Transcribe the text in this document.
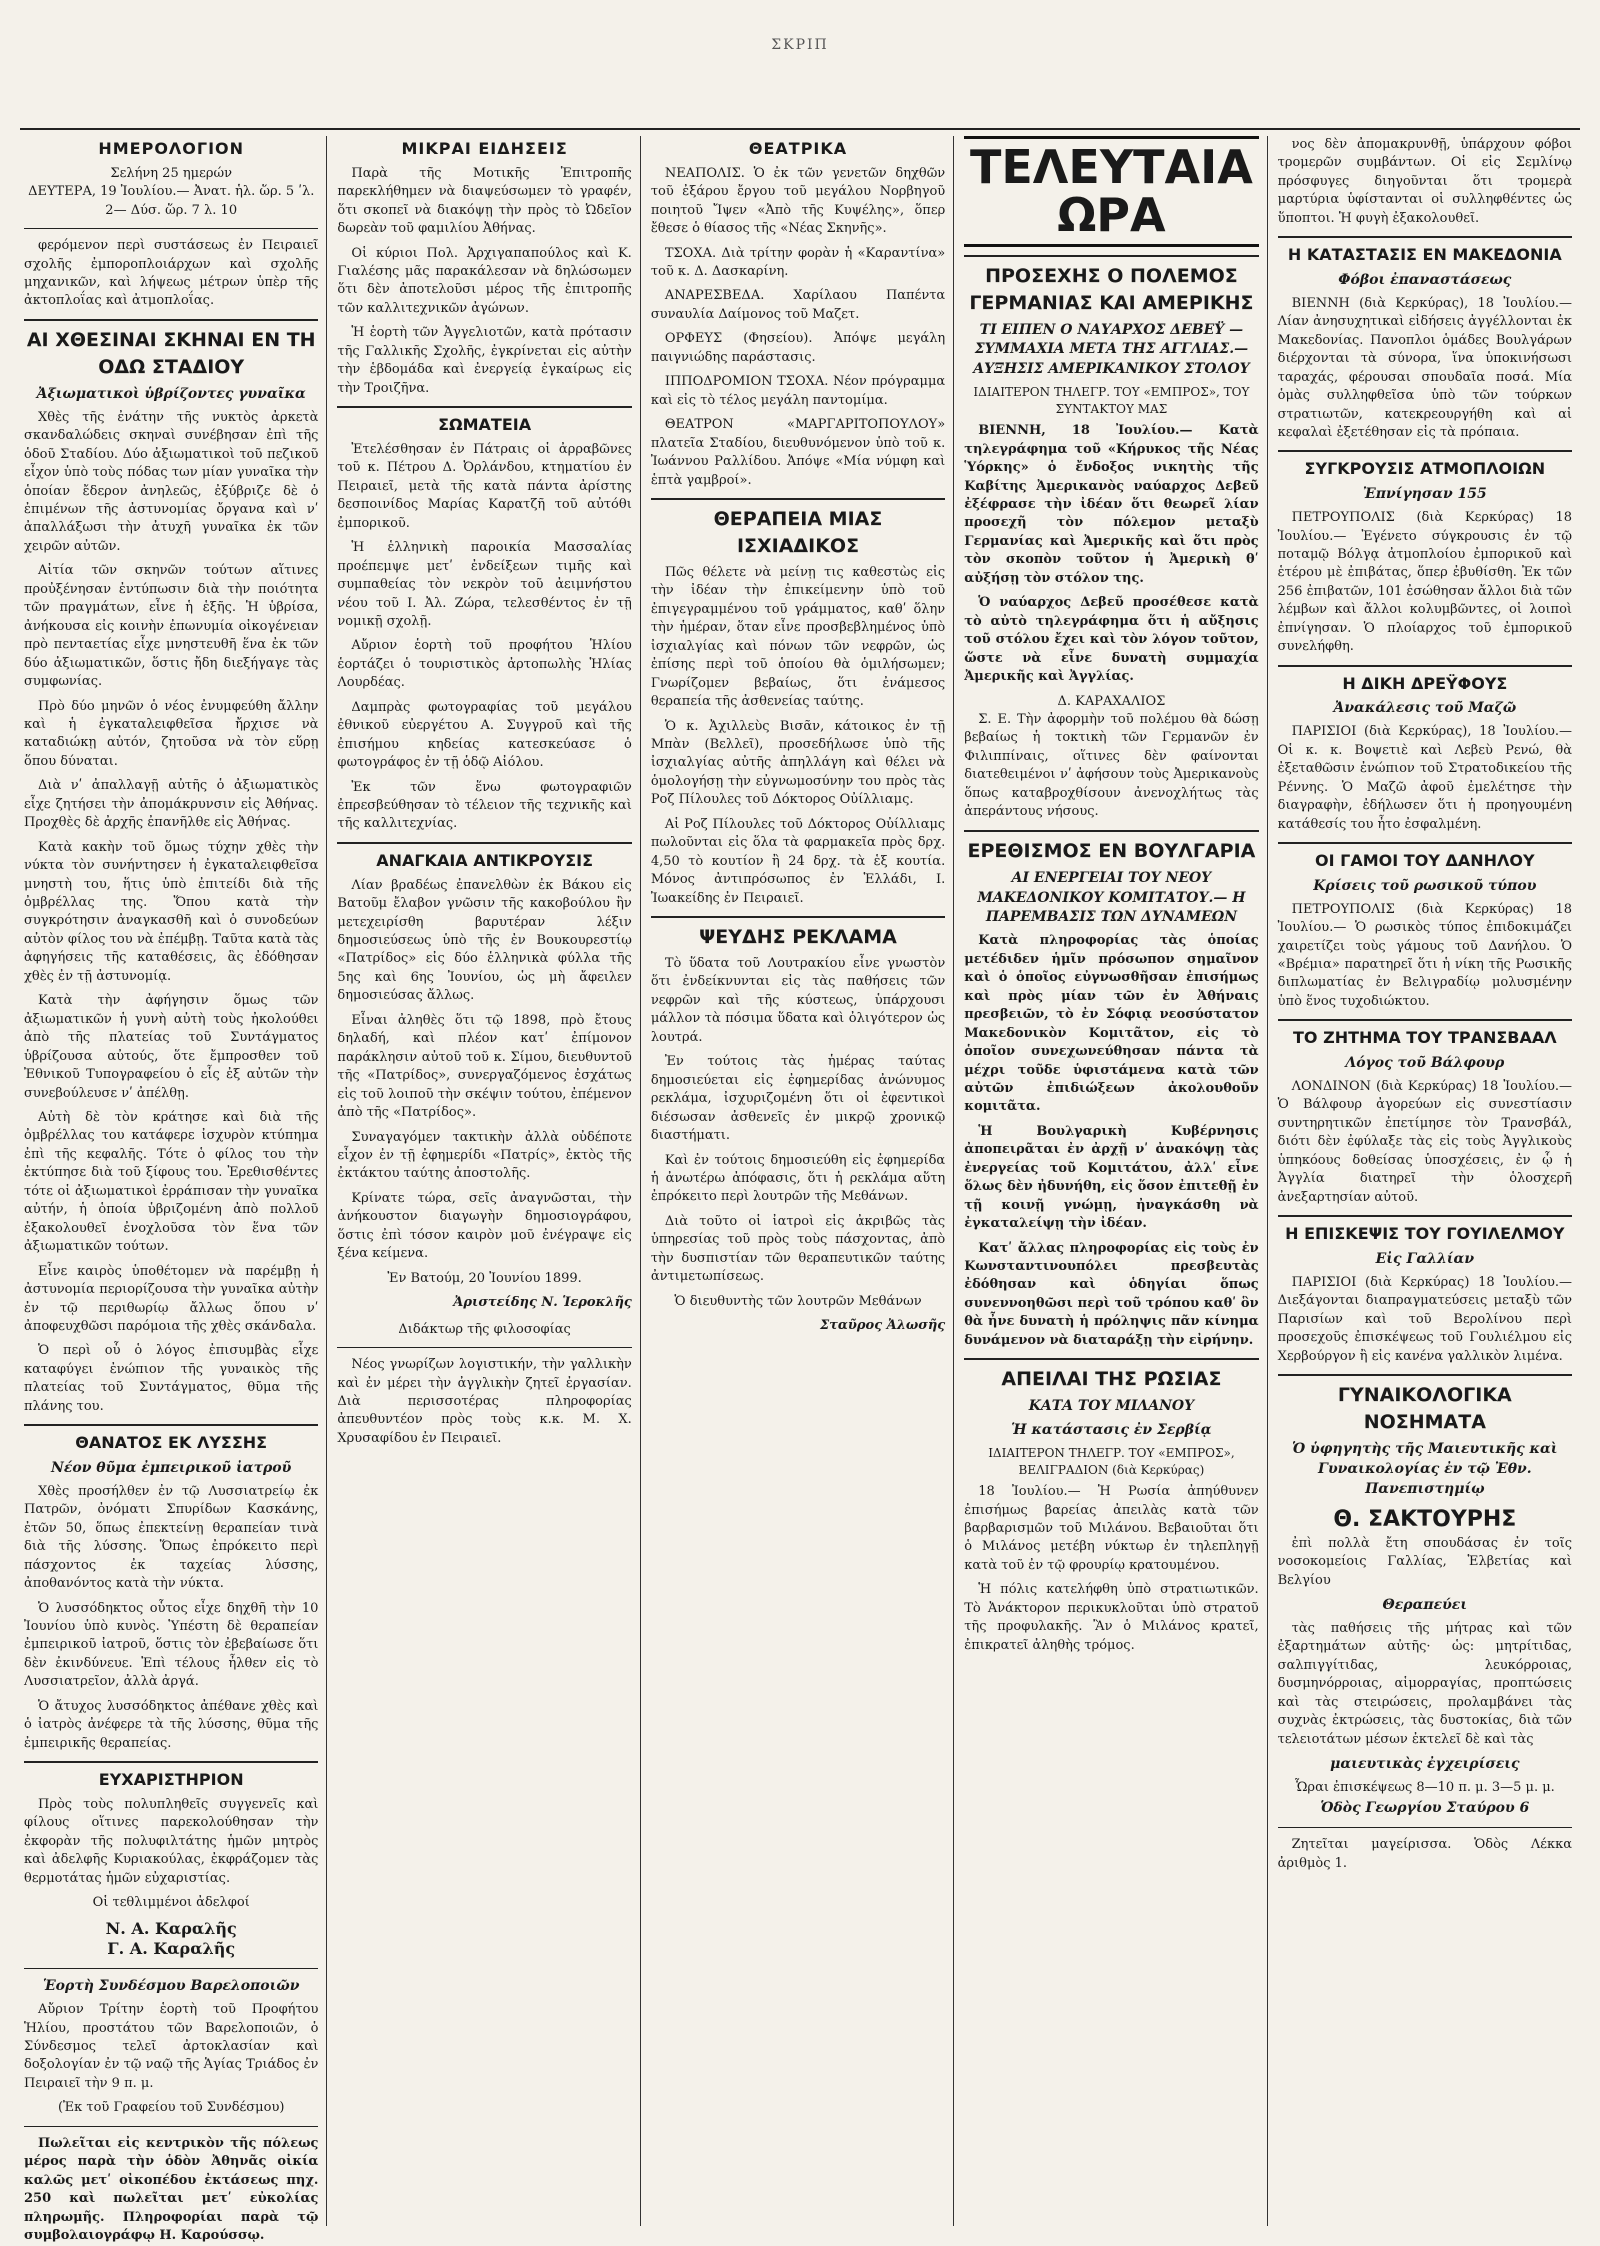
ΣΚΡΙΠ
ΗΜΕΡΟΛΟΓΙΟΝ
Σελήνη 25 ημερών
ΔΕΥΤΕΡΑ, 19 Ἰουλίου.— Ἀνατ. ἡλ. ὥρ. 5 ʹλ. 2— Δύσ. ὥρ. 7 λ. 10

φερόμενον περὶ συστάσεως ἐν Πειραιεῖ σχολῆς ἐμποροπλοιάρχων καὶ σχολῆς μηχανικῶν, καὶ λήψεως μέτρων ὑπὲρ τῆς ἀκτοπλοΐας καὶ ἀτμοπλοΐας.

ΑΙ ΧΘΕΣΙΝΑΙ ΣΚΗΝΑΙ ΕΝ ΤΗ ΟΔΩ ΣΤΑΔΙΟΥ
Ἀξιωματικοὶ ὑβρίζοντες γυναῖκα

Χθὲς τῆς ἐνάτην τῆς νυκτὸς ἀρκετὰ σκανδαλώδεις σκηναὶ συνέβησαν ἐπὶ τῆς ὁδοῦ Σταδίου. Δύο ἀξιωματικοὶ τοῦ πεζικοῦ εἶχον ὑπὸ τοὺς πόδας των μίαν γυναῖκα τὴν ὁποίαν ἔδερον ἀνηλεῶς, ἐξύβριζε δὲ ὁ ἐπιμένων τῆς ἀστυνομίας ὄργανα καὶ νʹ ἀπαλλάξωσι τὴν ἀτυχῆ γυναῖκα ἐκ τῶν χειρῶν αὐτῶν.

Αἰτία τῶν σκηνῶν τούτων αἵτινες προὐξένησαν ἐντύπωσιν διὰ τὴν ποιότητα τῶν πραγμάτων, εἶνε ἡ ἑξῆς. Ἡ ὑβρίσα, ἀνήκουσα εἰς κοινὴν ἐπωνυμία οἰκογένειαν πρὸ πενταετίας εἶχε μνηστευθῆ ἕνα ἐκ τῶν δύο ἀξιωματικῶν, ὅστις ἤδη διεξήγαγε τὰς συμφωνίας.

Πρὸ δύο μηνῶν ὁ νέος ἐνυμφεύθη ἄλλην καὶ ἡ ἐγκαταλειφθεῖσα ἤρχισε νὰ καταδιώκῃ αὐτόν, ζητοῦσα νὰ τὸν εὕρῃ ὅπου δύναται.

Διὰ νʹ ἀπαλλαγῇ αὐτῆς ὁ ἀξιωματικὸς εἶχε ζητήσει τὴν ἀπομάκρυνσιν εἰς Ἀθήνας. Προχθὲς δὲ ἀρχῆς ἐπανῆλθε εἰς Ἀθήνας.

Κατὰ κακὴν τοῦ ὅμως τύχην χθὲς τὴν νύκτα τὸν συνήντησεν ἡ ἐγκαταλειφθεῖσα μνηστὴ του, ἥτις ὑπὸ ἐπιτείδι διὰ τῆς ὀμβρέλλας της. Ὅπου κατὰ τὴν συγκρότησιν ἀναγκασθῆ καὶ ὁ συνοδεύων αὐτὸν φίλος του νὰ ἐπέμβῃ. Ταῦτα κατὰ τὰς ἀφηγήσεις τῆς καταθέσεις, ἃς ἐδόθησαν χθὲς ἐν τῇ ἀστυνομίᾳ.

Κατὰ τὴν ἀφήγησιν ὅμως τῶν ἀξιωματικῶν ἡ γυνὴ αὐτὴ τοὺς ἠκολούθει ἀπὸ τῆς πλατείας τοῦ Συντάγματος ὑβρίζουσα αὐτούς, ὅτε ἔμπροσθεν τοῦ Ἐθνικοῦ Τυπογραφείου ὁ εἷς ἐξ αὐτῶν τὴν συνεβούλευσε νʹ ἀπέλθῃ.

Αὐτὴ δὲ τὸν κράτησε καὶ διὰ τῆς ὀμβρέλλας του κατάφερε ἰσχυρὸν κτύπημα ἐπὶ τῆς κεφαλῆς. Τότε ὁ φίλος του τὴν ἐκτύπησε διὰ τοῦ ξίφους του. Ἐρεθισθέντες τότε οἱ ἀξιωματικοὶ ἐρράπισαν τὴν γυναῖκα αὐτήν, ἡ ὁποία ὑβριζομένη ἀπὸ πολλοῦ ἐξακολουθεῖ ἐνοχλοῦσα τὸν ἕνα τῶν ἀξιωματικῶν τούτων.

Εἶνε καιρὸς ὑποθέτομεν νὰ παρέμβῃ ἡ ἀστυνομία περιορίζουσα τὴν γυναῖκα αὐτὴν ἐν τῷ περιθωρίῳ ἄλλως ὅπου νʹ ἀποφευχθῶσι παρόμοια τῆς χθὲς σκάνδαλα.

Ὁ περὶ οὗ ὁ λόγος ἐπισυμβὰς εἶχε καταφύγει ἐνώπιον τῆς γυναικὸς τῆς πλατείας τοῦ Συντάγματος, θῦμα τῆς πλάνης του.

ΘΑΝΑΤΟΣ ΕΚ ΛΥΣΣΗΣ
Νέον θῦμα ἐμπειρικοῦ ἰατροῦ

Χθὲς προσήλθεν ἐν τῷ Λυσσιατρείῳ ἐκ Πατρῶν, ὀνόματι Σπυρίδων Κασκάνης, ἐτῶν 50, ὅπως ἐπεκτείνῃ θεραπείαν τινὰ διὰ τῆς λύσσης. Ὅπως ἐπρόκειτο περὶ πάσχοντος ἐκ ταχείας λύσσης, ἀποθανόντος κατὰ τὴν νύκτα.

Ὁ λυσσόδηκτος οὗτος εἶχε δηχθῆ τὴν 10 Ἰουνίου ὑπὸ κυνὸς. Ὑπέστη δὲ θεραπείαν ἐμπειρικοῦ ἰατροῦ, ὅστις τὸν ἐβεβαίωσε ὅτι δὲν ἐκινδύνευε. Ἐπὶ τέλους ἦλθεν εἰς τὸ Λυσσιατρεῖον, ἀλλὰ ἀργά.

Ὁ ἄτυχος λυσσόδηκτος ἀπέθανε χθὲς καὶ ὁ ἰατρὸς ἀνέφερε τὰ τῆς λύσσης, θῦμα τῆς ἐμπειρικῆς θεραπείας.

ΕΥΧΑΡΙΣΤΗΡΙΟΝ

Πρὸς τοὺς πολυπληθεῖς συγγενεῖς καὶ φίλους οἵτινες παρεκολούθησαν τὴν ἐκφορὰν τῆς πολυφιλτάτης ἡμῶν μητρὸς καὶ ἀδελφῆς Κυριακούλας, ἐκφράζομεν τὰς θερμοτάτας ἡμῶν εὐχαριστίας.

Οἱ τεθλιμμένοι ἀδελφοί

Ν. Α. Καραλῆς
Γ. Α. Καραλῆς
Ἑορτὴ Συνδέσμου Βαρελοποιῶν

Αὔριον Τρίτην ἑορτὴ τοῦ Προφήτου Ἡλίου, προστάτου τῶν Βαρελοποιῶν, ὁ Σύνδεσμος τελεῖ ἀρτοκλασίαν καὶ δοξολογίαν ἐν τῷ ναῷ τῆς Ἁγίας Τριάδος ἐν Πειραιεῖ τὴν 9 π. μ.

(Ἐκ τοῦ Γραφείου τοῦ Συνδέσμου)

Πωλεῖται εἰς κεντρικὸν τῆς πόλεως μέρος παρὰ τὴν ὁδὸν Ἀθηνᾶς οἰκία καλῶς μετʹ οἰκοπέδου ἐκτάσεως πηχ. 250 καὶ πωλεῖται μετʹ εὐκολίας πληρωμῆς. Πληροφορίαι παρὰ τῷ συμβολαιογράφῳ Η. Καρούσσῳ.

ΜΙΚΡΑΙ ΕΙΔΗΣΕΙΣ

Παρὰ τῆς Μοτικῆς Ἐπιτροπῆς παρεκλήθημεν νὰ διαψεύσωμεν τὸ γραφέν, ὅτι σκοπεῖ νὰ διακόψῃ τὴν πρὸς τὸ Ὠδεῖον δωρεὰν τοῦ φαμιλίου Ἀθήνας.

Οἱ κύριοι Πολ. Ἀρχιγαπαπούλος καὶ Κ. Γιαλέσης μᾶς παρακάλεσαν νὰ δηλώσωμεν ὅτι δὲν ἀποτελοῦσι μέρος τῆς ἐπιτροπῆς τῶν καλλιτεχνικῶν ἀγώνων.

Ἡ ἑορτὴ τῶν Ἀγγελιοτῶν, κατὰ πρότασιν τῆς Γαλλικῆς Σχολῆς, ἐγκρίνεται εἰς αὐτὴν τὴν ἑβδομάδα καὶ ἐνεργείᾳ ἐγκαίρως εἰς τὴν Τροιζῆνα.

ΣΩΜΑΤΕΙΑ

Ἐτελέσθησαν ἐν Πάτραις οἱ ἀρραβῶνες τοῦ κ. Πέτρου Δ. Ὀρλάνδου, κτηματίου ἐν Πειραιεῖ, μετὰ τῆς κατὰ πάντα ἀρίστης δεσποινίδος Μαρίας Καρατζῆ τοῦ αὐτόθι ἐμπορικοῦ.

Ἡ ἑλληνικὴ παροικία Μασσαλίας προέπεμψε μετʹ ἐνδείξεων τιμῆς καὶ συμπαθείας τὸν νεκρὸν τοῦ ἀειμνήστου νέου τοῦ Ι. Ἀλ. Ζώρα, τελεσθέντος ἐν τῇ νομικῇ σχολῇ.

Αὔριον ἑορτὴ τοῦ προφήτου Ἡλίου ἑορτάζει ὁ τουριστικὸς ἀρτοπωλὴς Ἡλίας Λουρδέας.

Δαμπρὰς φωτογραφίας τοῦ μεγάλου ἐθνικοῦ εὐεργέτου Α. Συγγροῦ καὶ τῆς ἐπισήμου κηδείας κατεσκεύασε ὁ φωτογράφος ἐν τῇ ὁδῷ Αἰόλου.

Ἐκ τῶν ἕνω φωτογραφιῶν ἐπρεσβεύθησαν τὸ τέλειον τῆς τεχνικῆς καὶ τῆς καλλιτεχνίας.

ΑΝΑΓΚΑΙΑ ΑΝΤΙΚΡΟΥΣΙΣ

Λίαν βραδέως ἐπανελθὼν ἐκ Βάκου εἰς Βατοῦμ ἔλαβον γνῶσιν τῆς κακοβούλου ἣν μετεχειρίσθη βαρυτέραν λέξιν δημοσιεύσεως ὑπὸ τῆς ἐν Βουκουρεστίῳ «Πατρίδος» εἰς δύο ἑλληνικὰ φύλλα τῆς 5ης καὶ 6ης Ἰουνίου, ὡς μὴ ἄφειλεν δημοσιεύσας ἄλλως.

Εἶναι ἀληθὲς ὅτι τῷ 1898, πρὸ ἔτους δηλαδή, καὶ πλέον κατʹ ἐπίμονον παράκλησιν αὐτοῦ τοῦ κ. Σίμου, διευθυντοῦ τῆς «Πατρίδος», συνεργαζόμενος ἐσχάτως εἰς τοῦ λοιποῦ τὴν σκέψιν τούτου, ἐπέμενον ἀπὸ τῆς «Πατρίδος».

Συναγαγόμεν τακτικὴν ἀλλὰ οὐδέποτε εἶχον ἐν τῇ ἐφημερίδι «Πατρίς», ἐκτὸς τῆς ἐκτάκτου ταύτης ἀποστολῆς.

Κρίνατε τώρα, σεῖς ἀναγνῶσται, τὴν ἀνήκουστον διαγωγὴν δημοσιογράφου, ὅστις ἐπὶ τόσον καιρὸν μοῦ ἐνέγραψε εἰς ξένα κείμενα.

Ἐν Βατούμ, 20 Ἰουνίου 1899.

Ἀριστείδης Ν. Ἱεροκλῆς
Διδάκτωρ τῆς φιλοσοφίας

Νέος γνωρίζων λογιστικήν, τὴν γαλλικὴν καὶ ἐν μέρει τὴν ἀγγλικὴν ζητεῖ ἐργασίαν. Διὰ περισσοτέρας πληροφορίας ἀπευθυντέον πρὸς τοὺς κ.κ. Μ. Χ. Χρυσαφίδου ἐν Πειραιεῖ.

ΘΕΑΤΡΙΚΑ

ΝΕΑΠΟΛΙΣ. Ὁ ἐκ τῶν γενετῶν δηχθῶν τοῦ ἐξάρου ἔργου τοῦ μεγάλου Νορβηγοῦ ποιητοῦ Ἴψεν «Ἀπὸ τῆς Κυψέλης», ὅπερ ἔθεσε ὁ θίασος τῆς «Νέας Σκηνῆς».

ΤΣΟΧΑ. Διὰ τρίτην φορὰν ἡ «Καραντίνα» τοῦ κ. Δ. Δασκαρίνη.

ΑΝΑΡΕΣΒΕΔΑ. Χαρίλαου Παπέντα συναυλία Δαίμονος τοῦ Μαζετ.

ΟΡΦΕΥΣ (Φησείου). Ἀπόψε μεγάλη παιγνιώδης παράστασις.

ΙΠΠΟΔΡΟΜΙΟΝ ΤΣΟΧΑ. Νέον πρόγραμμα καὶ εἰς τὸ τέλος μεγάλη παντομίμα.

ΘΕΑΤΡΟΝ «ΜΑΡΓΑΡΙΤΟΠΟΥΛΟΥ» πλατεῖα Σταδίου, διευθυνόμενον ὑπὸ τοῦ κ. Ἰωάννου Ραλλίδου. Ἀπόψε «Μία νύμφη καὶ ἑπτὰ γαμβροί».

ΘΕΡΑΠΕΙΑ ΜΙΑΣ ΙΣΧΙΑΔΙΚΟΣ

Πῶς θέλετε νὰ μείνῃ τις καθεστὼς εἰς τὴν ἰδέαν τὴν ἐπικείμενην ὑπὸ τοῦ ἐπιγεγραμμένου τοῦ γράμματος, καθʹ ὅλην τὴν ἡμέραν, ὅταν εἶνε προσβεβλημένος ὑπὸ ἰσχιαλγίας καὶ πόνων τῶν νεφρῶν, ὡς ἐπίσης περὶ τοῦ ὁποίου θὰ ὁμιλήσωμεν; Γνωρίζομεν βεβαίως, ὅτι ἐνάμεσος θεραπεία τῆς ἀσθενείας ταύτης.

Ὁ κ. Ἀχιλλεὺς Βισᾶν, κάτοικος ἐν τῇ Μπὰν (Βελλεῖ), προσεδήλωσε ὑπὸ τῆς ἰσχιαλγίας αὐτῆς ἀπηλλάγη καὶ θέλει νὰ ὁμολογήσῃ τὴν εὐγνωμοσύνην του πρὸς τὰς Ροζ Πίλουλες τοῦ Δόκτορος Οὐίλλιαμς.

Αἱ Ροζ Πίλουλες τοῦ Δόκτορος Οὐίλλιαμς πωλοῦνται εἰς ὅλα τὰ φαρμακεῖα πρὸς δρχ. 4,50 τὸ κουτίον ἢ 24 δρχ. τὰ ἑξ κουτία. Μόνος ἀντιπρόσωπος ἐν Ἑλλάδι, Ι. Ἰωακείδης ἐν Πειραιεῖ.

ΨΕΥΔΗΣ ΡΕΚΛΑΜΑ

Τὸ ὕδατα τοῦ Λουτρακίου εἶνε γνωστὸν ὅτι ἐνδείκνυνται εἰς τὰς παθήσεις τῶν νεφρῶν καὶ τῆς κύστεως, ὑπάρχουσι μάλλον τὰ πόσιμα ὕδατα καὶ ὀλιγότερον ὡς λουτρά.

Ἐν τούτοις τὰς ἡμέρας ταύτας δημοσιεύεται εἰς ἐφημερίδας ἀνώνυμος ρεκλάμα, ἰσχυριζομένη ὅτι οἱ ἐφεντικοὶ διέσωσαν ἀσθενεῖς ἐν μικρῷ χρονικῷ διαστήματι.

Καὶ ἐν τούτοις δημοσιεύθη εἰς ἐφημερίδα ἡ ἀνωτέρω ἀπόφασις, ὅτι ἡ ρεκλάμα αὕτη ἐπρόκειτο περὶ λουτρῶν τῆς Μεθάνων.

Διὰ τοῦτο οἱ ἰατροὶ εἰς ἀκριβῶς τὰς ὑπηρεσίας τοῦ πρὸς τοὺς πάσχοντας, ἀπὸ τὴν δυσπιστίαν τῶν θεραπευτικῶν ταύτης ἀντιμετωπίσεως.

Ὁ διευθυντὴς τῶν λουτρῶν Μεθάνων

Σταῦρος Ἀλωσῆς
ΤΕΛΕΥΤΑΙΑ ΩΡΑ
ΠΡΟΣΕΧΗΣ Ο ΠΟΛΕΜΟΣ ΓΕΡΜΑΝΙΑΣ ΚΑΙ ΑΜΕΡΙΚΗΣ
ΤΙ ΕΙΠΕΝ Ο ΝΑΥΑΡΧΟΣ ΔΕΒΕΫ — ΣΥΜΜΑΧΙΑ ΜΕΤΑ ΤΗΣ ΑΓΓΛΙΑΣ.— ΑΥΞΗΣΙΣ ΑΜΕΡΙΚΑΝΙΚΟΥ ΣΤΟΛΟΥ
ΙΔΙΑΙΤΕΡΟΝ ΤΗΛΕΓΡ. ΤΟΥ «ΕΜΠΡΟΣ», ΤΟΥ ΣΥΝΤΑΚΤΟΥ ΜΑΣ

ΒΙΕΝΝΗ, 18 Ἰουλίου.— Κατὰ τηλεγράφημα τοῦ «Κήρυκος τῆς Νέας Ὑόρκης» ὁ ἔνδοξος νικητὴς τῆς Καβίτης Ἀμερικανὸς ναύαρχος Δεβεῦ ἐξέφρασε τὴν ἰδέαν ὅτι θεωρεῖ λίαν προσεχῆ τὸν πόλεμον μεταξὺ Γερμανίας καὶ Ἀμερικῆς καὶ ὅτι πρὸς τὸν σκοπὸν τοῦτον ἡ Ἀμερικὴ θʹ αὐξήσῃ τὸν στόλον της.

Ὁ ναύαρχος Δεβεῦ προσέθεσε κατὰ τὸ αὐτὸ τηλεγράφημα ὅτι ἡ αὔξησις τοῦ στόλου ἔχει καὶ τὸν λόγον τοῦτον, ὥστε νὰ εἶνε δυνατὴ συμμαχία Ἀμερικῆς καὶ Ἀγγλίας.

Δ. ΚΑΡΑΧΑΛΙΟΣ

Σ. Ε. Τὴν ἀφορμὴν τοῦ πολέμου θὰ δώσῃ βεβαίως ἡ τοκτικὴ τῶν Γερμανῶν ἐν Φιλιππίναις, οἵτινες δὲν φαίνονται διατεθειμένοι νʹ ἀφήσουν τοὺς Ἀμερικανοὺς ὅπως καταβροχθίσουν ἀνενοχλήτως τὰς ἀπεράντους νήσους.

ΕΡΕΘΙΣΜΟΣ ΕΝ ΒΟΥΛΓΑΡΙΑ
ΑΙ ΕΝΕΡΓΕΙΑΙ ΤΟΥ ΝΕΟΥ ΜΑΚΕΔΟΝΙΚΟΥ ΚΟΜΙΤΑΤΟΥ.— Η ΠΑΡΕΜΒΑΣΙΣ ΤΩΝ ΔΥΝΑΜΕΩΝ

Κατὰ πληροφορίας τὰς ὁποίας μετέδιδεν ἡμῖν πρόσωπον σημαῖνον καὶ ὁ ὁποῖος εὐγνωσθῆσαν ἐπισήμως καὶ πρὸς μίαν τῶν ἐν Ἀθήναις πρεσβειῶν, τὸ ἐν Σόφιᾳ νεοσύστατον Μακεδονικὸν Κομιτᾶτον, εἰς τὸ ὁποῖον συνεχωνεύθησαν πάντα τὰ μέχρι τοῦδε ὑφιστάμενα κατὰ τῶν αὐτῶν ἐπιδιώξεων ἀκολουθοῦν κομιτᾶτα.

Ἡ Βουλγαρικὴ Κυβέρνησις ἀποπειρᾶται ἐν ἀρχῇ νʹ ἀνακόψῃ τὰς ἐνεργείας τοῦ Κομιτάτου, ἀλλʹ εἶνε ὅλως δὲν ἠδυνήθη, εἰς ὅσον ἐπιτεθῇ ἐν τῇ κοινῇ γνώμῃ, ἠναγκάσθη νὰ ἐγκαταλείψῃ τὴν ἰδέαν.

Κατʹ ἄλλας πληροφορίας εἰς τοὺς ἐν Κωνσταντινουπόλει πρεσβευτὰς ἐδόθησαν καὶ ὁδηγίαι ὅπως συνεννοηθῶσι περὶ τοῦ τρόπου καθʹ ὃν θὰ ἦνε δυνατὴ ἡ πρόληψις πᾶν κίνημα δυνάμενον νὰ διαταράξῃ τὴν εἰρήνην.

ΑΠΕΙΛΑΙ ΤΗΣ ΡΩΣΙΑΣ
ΚΑΤΑ ΤΟΥ ΜΙΛΑΝΟΥ
Ἡ κατάστασις ἐν Σερβίᾳ
ΙΔΙΑΙΤΕΡΟΝ ΤΗΛΕΓΡ. ΤΟΥ «ΕΜΠΡΟΣ», ΒΕΛΙΓΡΑΔΙΟΝ (διὰ Κερκύρας)

18 Ἰουλίου.— Ἡ Ρωσία ἀπηύθυνεν ἐπισήμως βαρείας ἀπειλὰς κατὰ τῶν βαρβαρισμῶν τοῦ Μιλάνου. Βεβαιοῦται ὅτι ὁ Μιλάνος μετέβη νύκτωρ ἐν τηλεπληγῇ κατὰ τοῦ ἐν τῷ φρουρίῳ κρατουμένου.

Ἡ πόλις κατελήφθη ὑπὸ στρατιωτικῶν. Τὸ Ἀνάκτορον περικυκλοῦται ὑπὸ στρατοῦ τῆς προφυλακῆς. Ἂν ὁ Μιλάνος κρατεῖ, ἐπικρατεῖ ἀληθὴς τρόμος.

νος δὲν ἀπομακρυνθῇ, ὑπάρχουν φόβοι τρομερῶν συμβάντων. Οἱ εἰς Σεμλίνῳ πρόσφυγες διηγοῦνται ὅτι τρομερὰ μαρτύρια ὑφίστανται οἱ συλληφθέντες ὡς ὕποπτοι. Ἡ φυγὴ ἐξακολουθεῖ.

Η ΚΑΤΑΣΤΑΣΙΣ ΕΝ ΜΑΚΕΔΟΝΙΑ
Φόβοι ἐπαναστάσεως

ΒΙΕΝΝΗ (διὰ Κερκύρας), 18 Ἰουλίου.— Λίαν ἀνησυχητικαὶ εἰδήσεις ἀγγέλλονται ἐκ Μακεδονίας. Πανοπλοι ὁμάδες Βουλγάρων διέρχονται τὰ σύνορα, ἵνα ὑποκινήσωσι ταραχάς, φέρουσαι σπουδαῖα ποσά. Μία ὁμὰς συλληφθεῖσα ὑπὸ τῶν τούρκων στρατιωτῶν, κατεκρεουργήθη καὶ αἱ κεφαλαὶ ἐξετέθησαν εἰς τὰ πρόπαια.

ΣΥΓΚΡΟΥΣΙΣ ΑΤΜΟΠΛΟΙΩΝ
Ἐπνίγησαν 155

ΠΕΤΡΟΥΠΟΛΙΣ (διὰ Κερκύρας) 18 Ἰουλίου.— Ἐγένετο σύγκρουσις ἐν τῷ ποταμῷ Βόλγᾳ ἀτμοπλοίου ἐμπορικοῦ καὶ ἑτέρου μὲ ἐπιβάτας, ὅπερ ἐβυθίσθη. Ἐκ τῶν 256 ἐπιβατῶν, 101 ἐσώθησαν ἄλλοι διὰ τῶν λέμβων καὶ ἄλλοι κολυμβῶντες, οἱ λοιποὶ ἐπνίγησαν. Ὁ πλοίαρχος τοῦ ἐμπορικοῦ συνελήφθη.

Η ΔΙΚΗ ΔΡΕΫΦΟΥΣ
Ἀνακάλεσις τοῦ Μαζῶ

ΠΑΡΙΣΙΟΙ (διὰ Κερκύρας), 18 Ἰουλίου.— Οἱ κ. κ. Βοψετιὲ καὶ Λεβεὺ Ρενώ, θὰ ἐξεταθῶσιν ἐνώπιον τοῦ Στρατοδικείου τῆς Ρέννης. Ὁ Μαζῶ ἀφοῦ ἐμελέτησε τὴν διαγραφὴν, ἐδήλωσεν ὅτι ἡ προηγουμένη κατάθεσίς του ἦτο ἐσφαλμένη.

ΟΙ ΓΑΜΟΙ ΤΟΥ ΔΑΝΗΛΟΥ
Κρίσεις τοῦ ρωσικοῦ τύπου

ΠΕΤΡΟΥΠΟΛΙΣ (διὰ Κερκύρας) 18 Ἰουλίου.— Ὁ ρωσικὸς τύπος ἐπιδοκιμάζει χαιρετίζει τοὺς γάμους τοῦ Δανήλου. Ὁ «Βρέμια» παρατηρεῖ ὅτι ἡ νίκη τῆς Ρωσικῆς διπλωματίας ἐν Βελιγραδίῳ μολυσμένην ὑπὸ ἕνος τυχοδιώκτου.

ΤΟ ΖΗΤΗΜΑ ΤΟΥ ΤΡΑΝΣΒΑΑΛ
Λόγος τοῦ Βάλφουρ

ΛΟΝΔΙΝΟΝ (διὰ Κερκύρας) 18 Ἰουλίου.— Ὁ Βάλφουρ ἀγορεύων εἰς συνεστίασιν συντηρητικῶν ἐπετίμησε τὸν Τρανσβάλ, διότι δὲν ἐφύλαξε τὰς εἰς τοὺς Ἀγγλικοὺς ὑπηκόους δοθείσας ὑποσχέσεις, ἐν ᾧ ἡ Ἀγγλία διατηρεῖ τὴν ὁλοσχερῆ ἀνεξαρτησίαν αὐτοῦ.

Η ΕΠΙΣΚΕΨΙΣ ΤΟΥ ΓΟΥΙΛΕΛΜΟΥ
Εἰς Γαλλίαν

ΠΑΡΙΣΙΟΙ (διὰ Κερκύρας) 18 Ἰουλίου.— Διεξάγονται διαπραγματεύσεις μεταξὺ τῶν Παρισίων καὶ τοῦ Βερολίνου περὶ προσεχοῦς ἐπισκέψεως τοῦ Γουλιέλμου εἰς Χερβούργον ἢ εἰς κανένα γαλλικὸν λιμένα.

ΓΥΝΑΙΚΟΛΟΓΙΚΑ ΝΟΣΗΜΑΤΑ
Ὁ ὑφηγητὴς τῆς Μαιευτικῆς καὶ Γυναικολογίας ἐν τῷ Ἐθν. Πανεπιστημίῳ
Θ. ΣΑΚΤΟΥΡΗΣ

ἐπὶ πολλὰ ἔτη σπουδάσας ἐν τοῖς νοσοκομείοις Γαλλίας, Ἑλβετίας καὶ Βελγίου

Θεραπεύει

τὰς παθήσεις τῆς μήτρας καὶ τῶν ἐξαρτημάτων αὐτῆς· ὡς: μητρίτιδας, σαλπιγγίτιδας, λευκόρροιας, δυσμηνόρροιας, αἱμορραγίας, προπτώσεις καὶ τὰς στειρώσεις, προλαμβάνει τὰς συχνὰς ἐκτρώσεις, τὰς δυστοκίας, διὰ τῶν τελειοτάτων μέσων ἐκτελεῖ δὲ καὶ τὰς

μαιευτικὰς ἐγχειρίσεις
Ὧραι ἐπισκέψεως 8—10 π. μ. 3—5 μ. μ.
Ὁδὸς Γεωργίου Σταύρου 6

Ζητεῖται μαγείρισσα. Ὁδὸς Λέκκα ἀριθμὸς 1.
